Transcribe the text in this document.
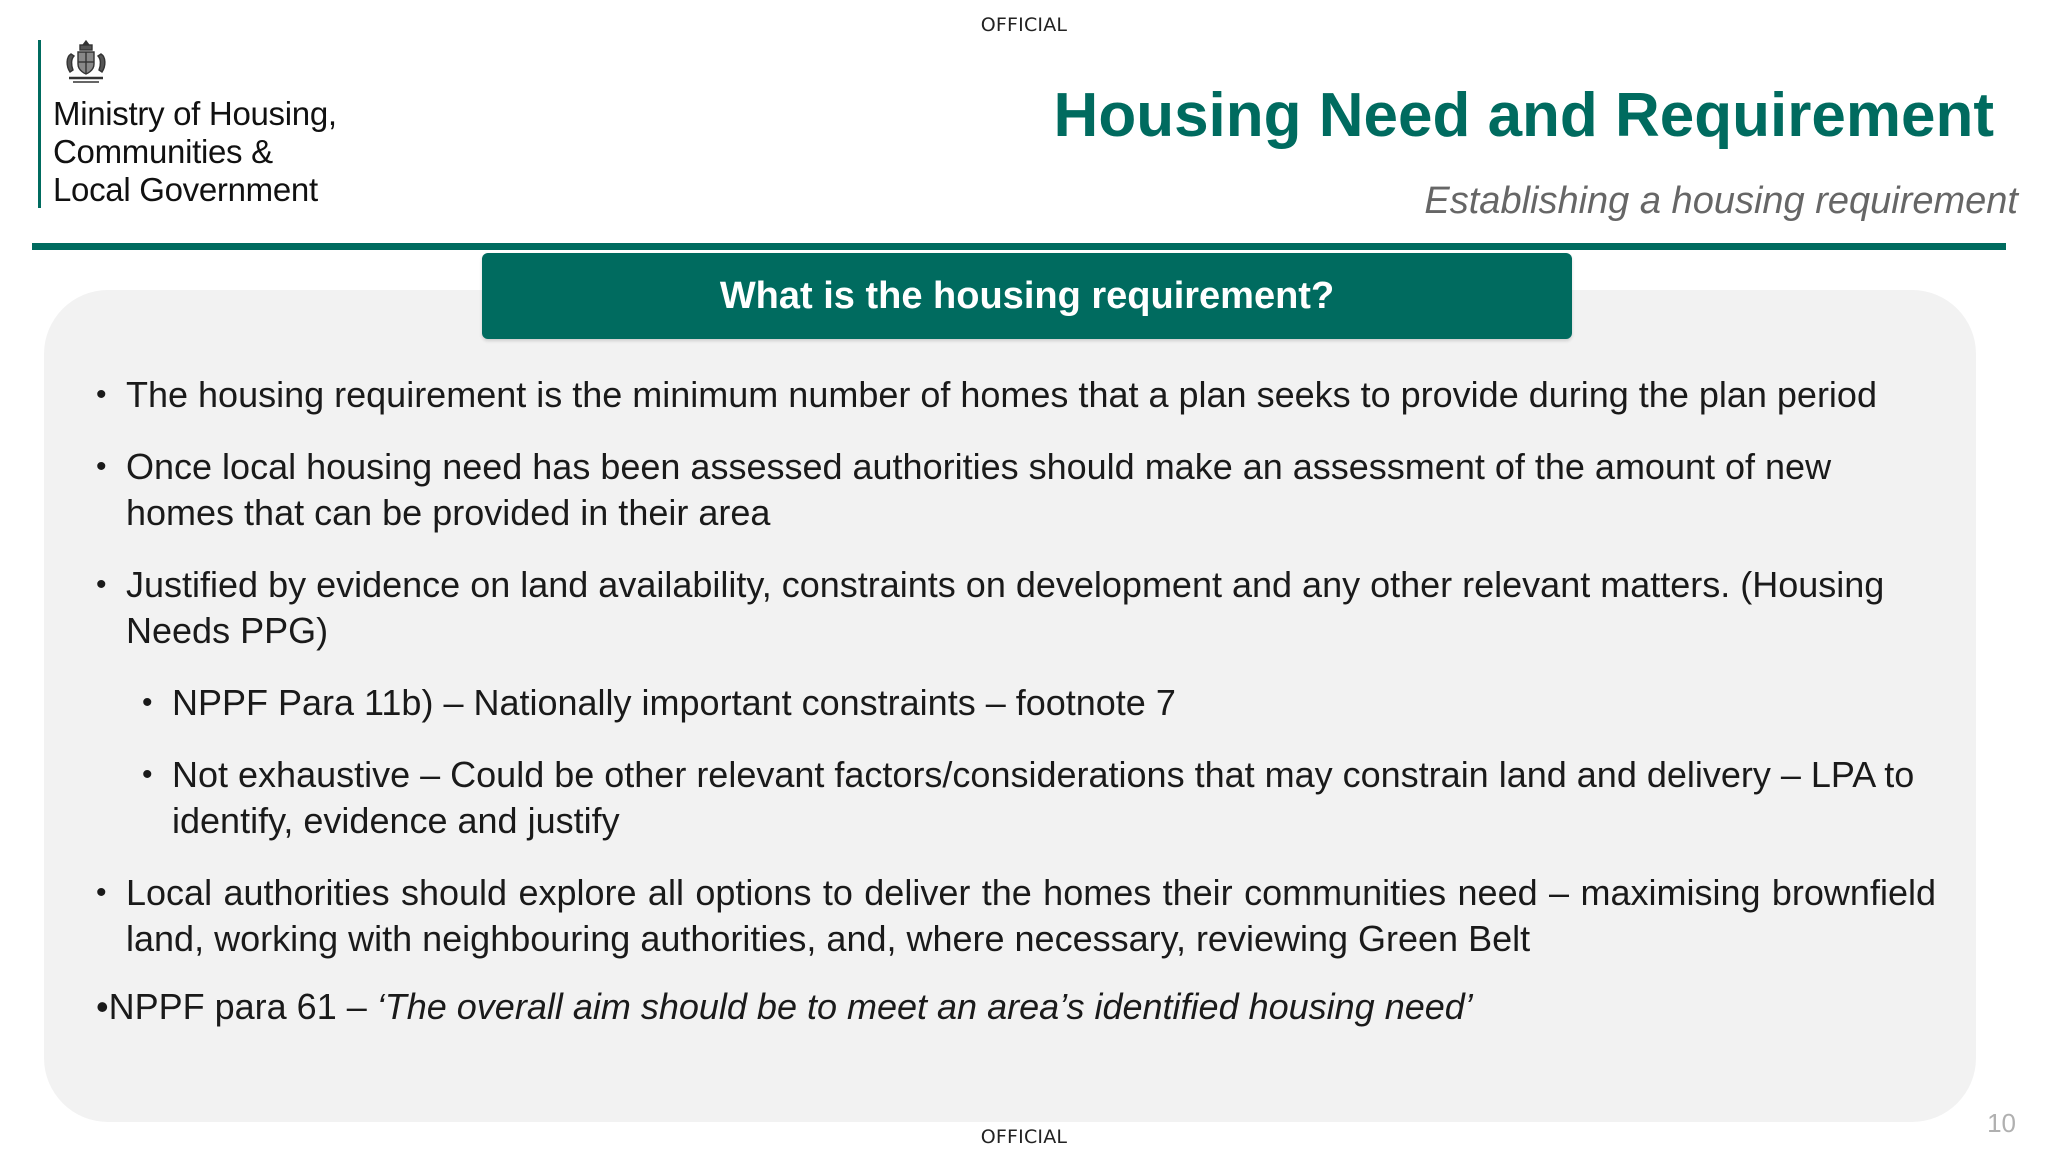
OFFICIAL
Ministry of Housing,
Communities &
Local Government
Housing Need and Requirement
Establishing a housing requirement
What is the housing requirement?
• The housing requirement is the minimum number of homes that a plan seeks to provide during the plan period
• Once local housing need has been assessed authorities should make an assessment of the amount of new homes that can be provided in their area
• Justified by evidence on land availability, constraints on development and any other relevant matters. (Housing Needs PPG)
• NPPF Para 11b) – Nationally important constraints – footnote 7
• Not exhaustive – Could be other relevant factors/considerations that may constrain land and delivery – LPA to identify, evidence and justify
• Local authorities should explore all options to deliver the homes their communities need – maximising brownfield land, working with neighbouring authorities, and, where necessary, reviewing Green Belt
•NPPF para 61 – ‘The overall aim should be to meet an area’s identified housing need’
OFFICIAL	10
